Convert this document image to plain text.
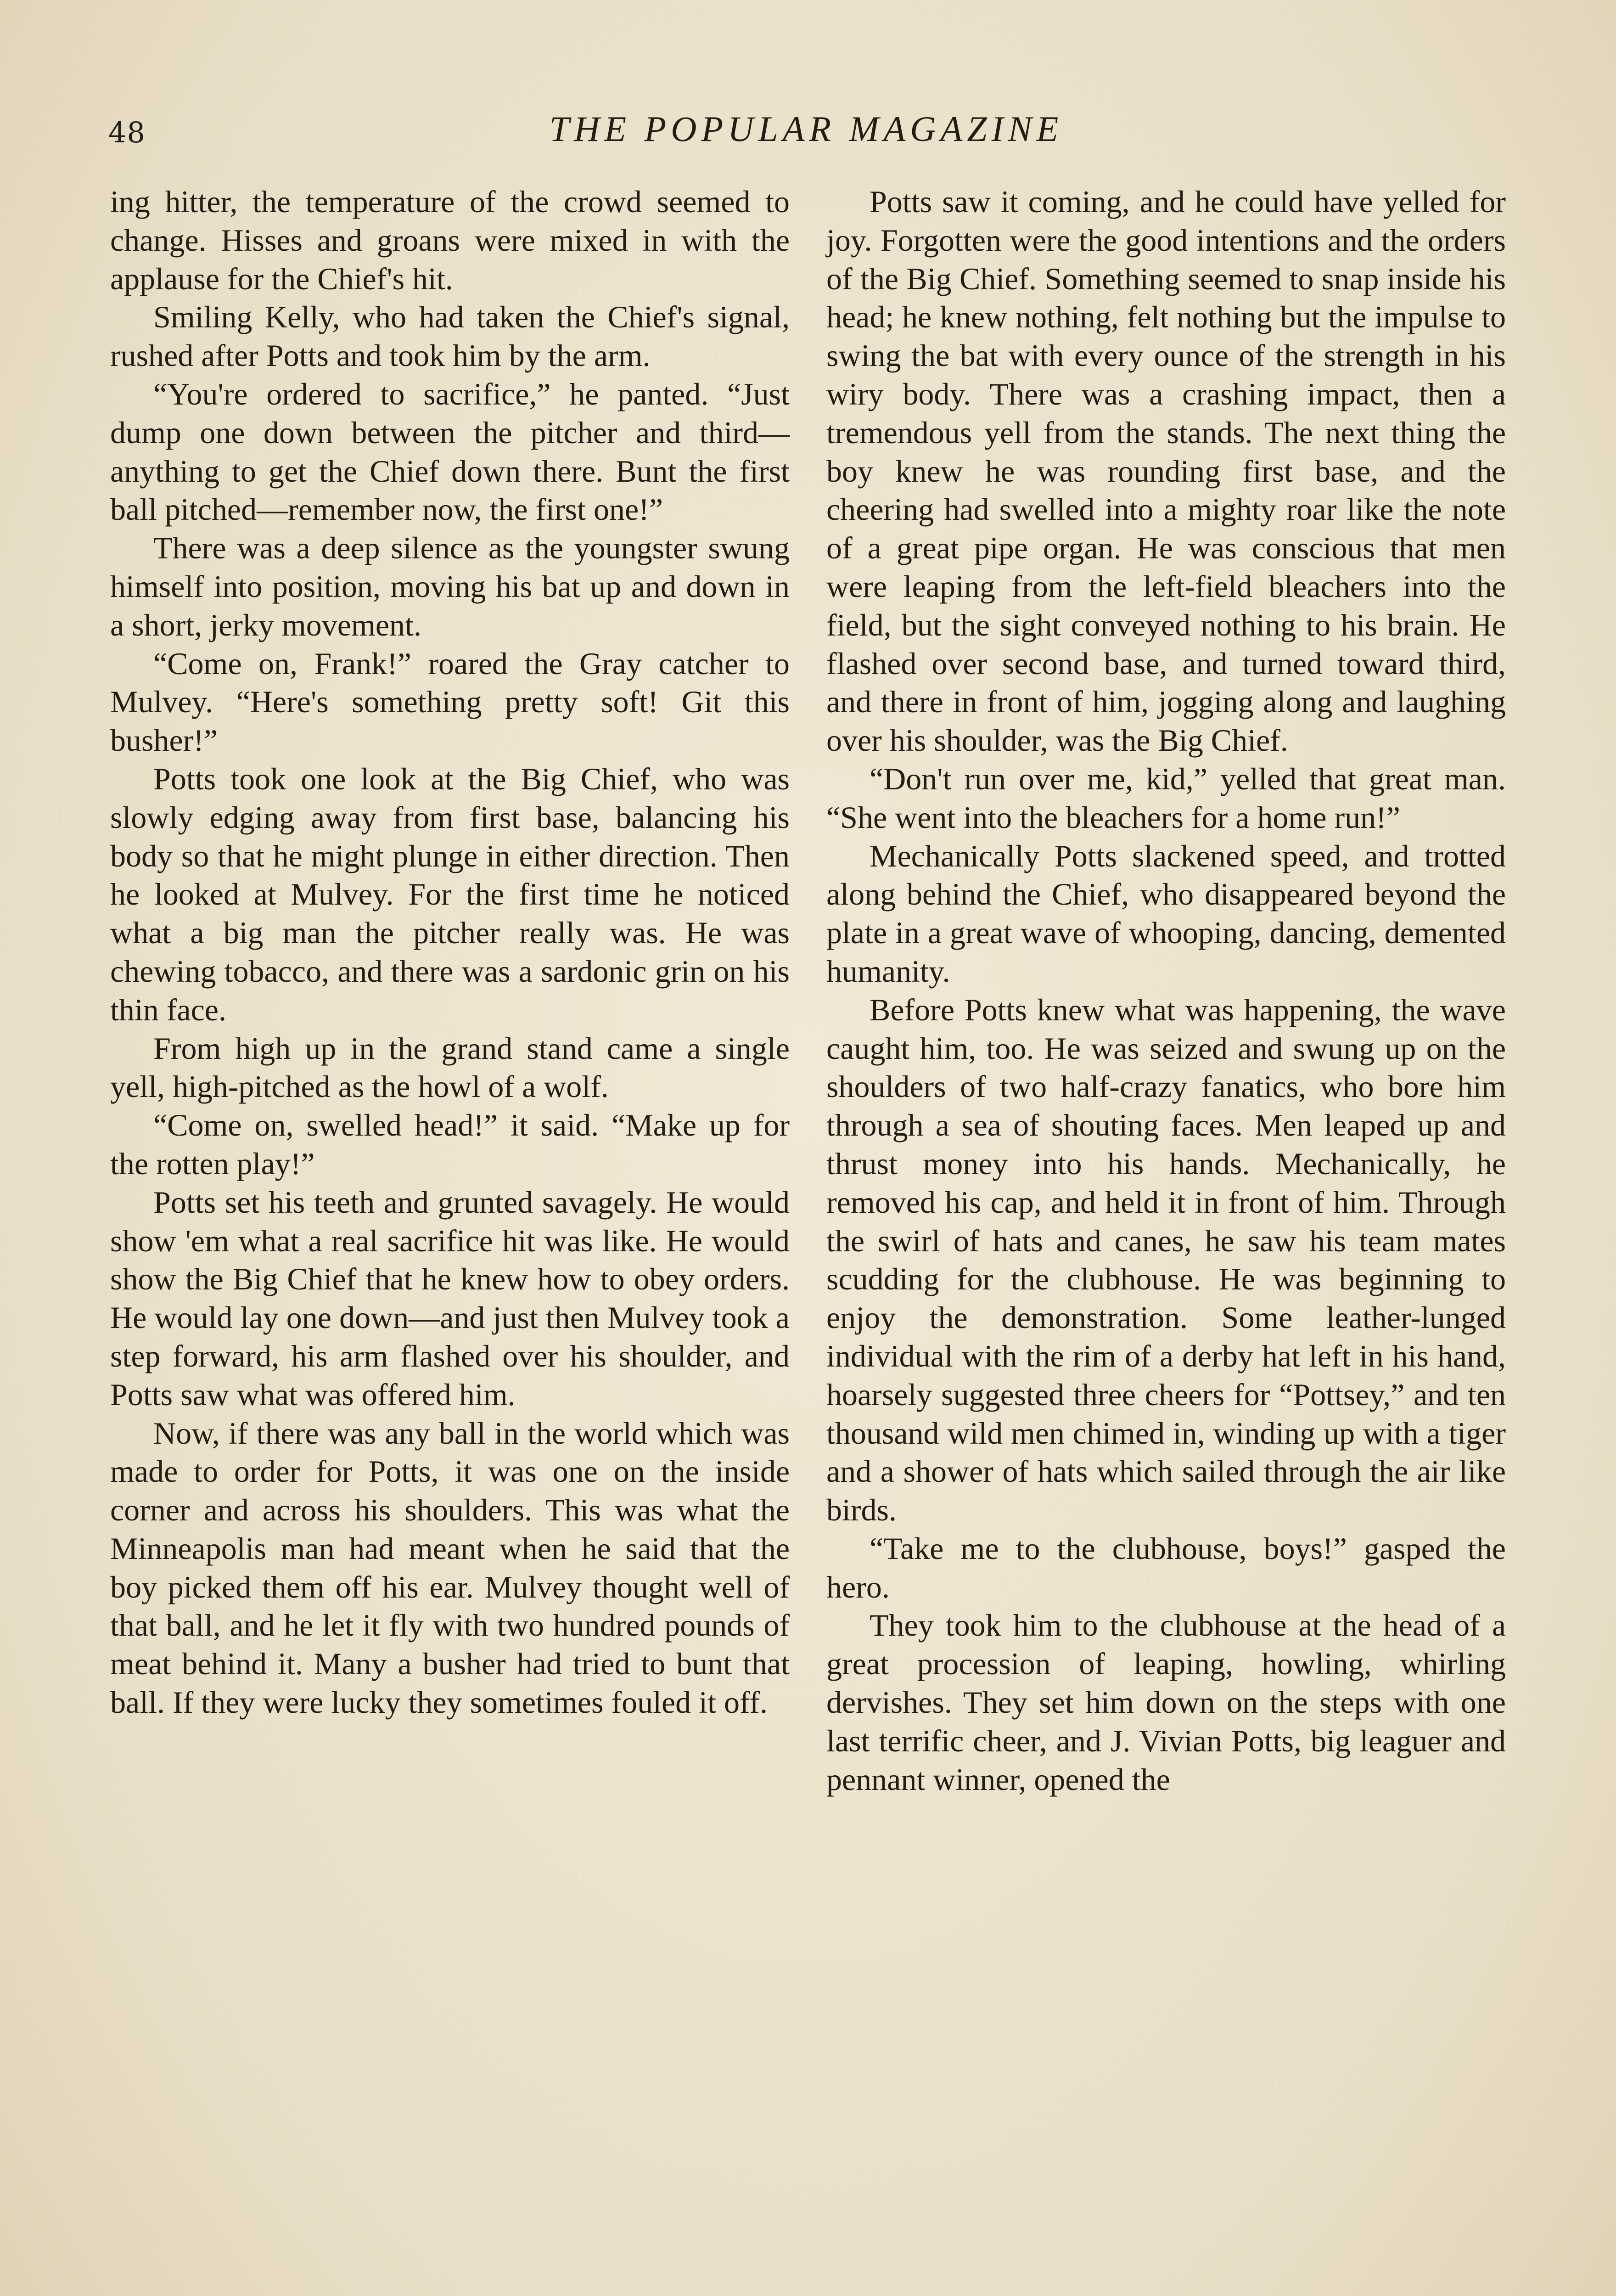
48	THE POPULAR MAGAZINE

ing hitter, the temperature of the crowd seemed to change. Hisses and groans were mixed in with the applause for the Chief's hit.

Smiling Kelly, who had taken the Chief's signal, rushed after Potts and took him by the arm.

“You're ordered to sacrifice,” he panted. “Just dump one down between the pitcher and third—anything to get the Chief down there. Bunt the first ball pitched—remember now, the first one!”

There was a deep silence as the youngster swung himself into position, moving his bat up and down in a short, jerky movement.

“Come on, Frank!” roared the Gray catcher to Mulvey. “Here's something pretty soft! Git this busher!”

Potts took one look at the Big Chief, who was slowly edging away from first base, balancing his body so that he might plunge in either direction. Then he looked at Mulvey. For the first time he noticed what a big man the pitcher really was. He was chewing tobacco, and there was a sardonic grin on his thin face.

From high up in the grand stand came a single yell, high-pitched as the howl of a wolf.

“Come on, swelled head!” it said. “Make up for the rotten play!”

Potts set his teeth and grunted savagely. He would show 'em what a real sacrifice hit was like. He would show the Big Chief that he knew how to obey orders. He would lay one down—and just then Mulvey took a step forward, his arm flashed over his shoulder, and Potts saw what was offered him.

Now, if there was any ball in the world which was made to order for Potts, it was one on the inside corner and across his shoulders. This was what the Minneapolis man had meant when he said that the boy picked them off his ear. Mulvey thought well of that ball, and he let it fly with two hundred pounds of meat behind it. Many a busher had tried to bunt that ball. If they were lucky they sometimes fouled it off.

Potts saw it coming, and he could have yelled for joy. Forgotten were the good intentions and the orders of the Big Chief. Something seemed to snap inside his head; he knew nothing, felt nothing but the impulse to swing the bat with every ounce of the strength in his wiry body. There was a crashing impact, then a tremendous yell from the stands. The next thing the boy knew he was rounding first base, and the cheering had swelled into a mighty roar like the note of a great pipe organ. He was conscious that men were leaping from the left-field bleachers into the field, but the sight conveyed nothing to his brain. He flashed over second base, and turned toward third, and there in front of him, jogging along and laughing over his shoulder, was the Big Chief.

“Don't run over me, kid,” yelled that great man. “She went into the bleachers for a home run!”

Mechanically Potts slackened speed, and trotted along behind the Chief, who disappeared beyond the plate in a great wave of whooping, dancing, demented humanity.

Before Potts knew what was happening, the wave caught him, too. He was seized and swung up on the shoulders of two half-crazy fanatics, who bore him through a sea of shouting faces. Men leaped up and thrust money into his hands. Mechanically, he removed his cap, and held it in front of him. Through the swirl of hats and canes, he saw his team mates scudding for the clubhouse. He was beginning to enjoy the demonstration. Some leather-lunged individual with the rim of a derby hat left in his hand, hoarsely suggested three cheers for “Pottsey,” and ten thousand wild men chimed in, winding up with a tiger and a shower of hats which sailed through the air like birds.

“Take me to the clubhouse, boys!” gasped the hero.

They took him to the clubhouse at the head of a great procession of leaping, howling, whirling dervishes. They set him down on the steps with one last terrific cheer, and J. Vivian Potts, big leaguer and pennant winner, opened the
